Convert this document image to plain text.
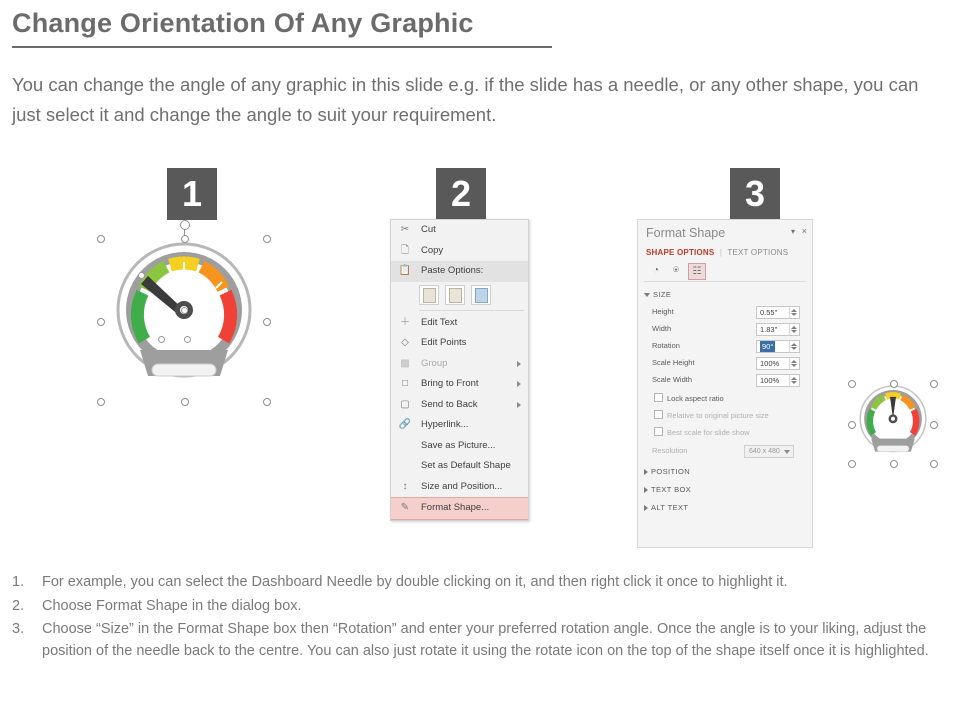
Change Orientation Of Any Graphic
You can change the angle of any graphic in this slide e.g. if the slide has a needle, or any other shape, you can just select it and change the angle to suit your requirement.
1	2	3
✂ Cut
🗋	Copy
📋 Paste Options:
＋ Edit Text
◇	Edit Points
▩ Group
□	Bring to Front
▢ Send to Back
🔗 Hyperlink...
Save as Picture...
Set as Default Shape
↕	Size and Position...
✎ Format Shape...
Format Shape	▾ ×
SHAPE OPTIONS | TEXT OPTIONS
◔	⍟	☷
SIZE
Height	0.55"
Width	1.83"
Rotation	90°
Scale Height	100%
Scale Width	100%
Lock aspect ratio
Relative to original picture size
Best scale for slide show
Resolution	640 x 480
POSITION
TEXT BOX
ALT TEXT
1. For example, you can select the Dashboard Needle by double clicking on it, and then right click it once to highlight it.
2. Choose Format Shape in the dialog box.
3. Choose “Size” in the Format Shape box then “Rotation” and enter your preferred rotation angle. Once the angle is to your liking, adjust the position of the needle back to the centre. You can also just rotate it using the rotate icon on the top of the shape itself once it is highlighted.
